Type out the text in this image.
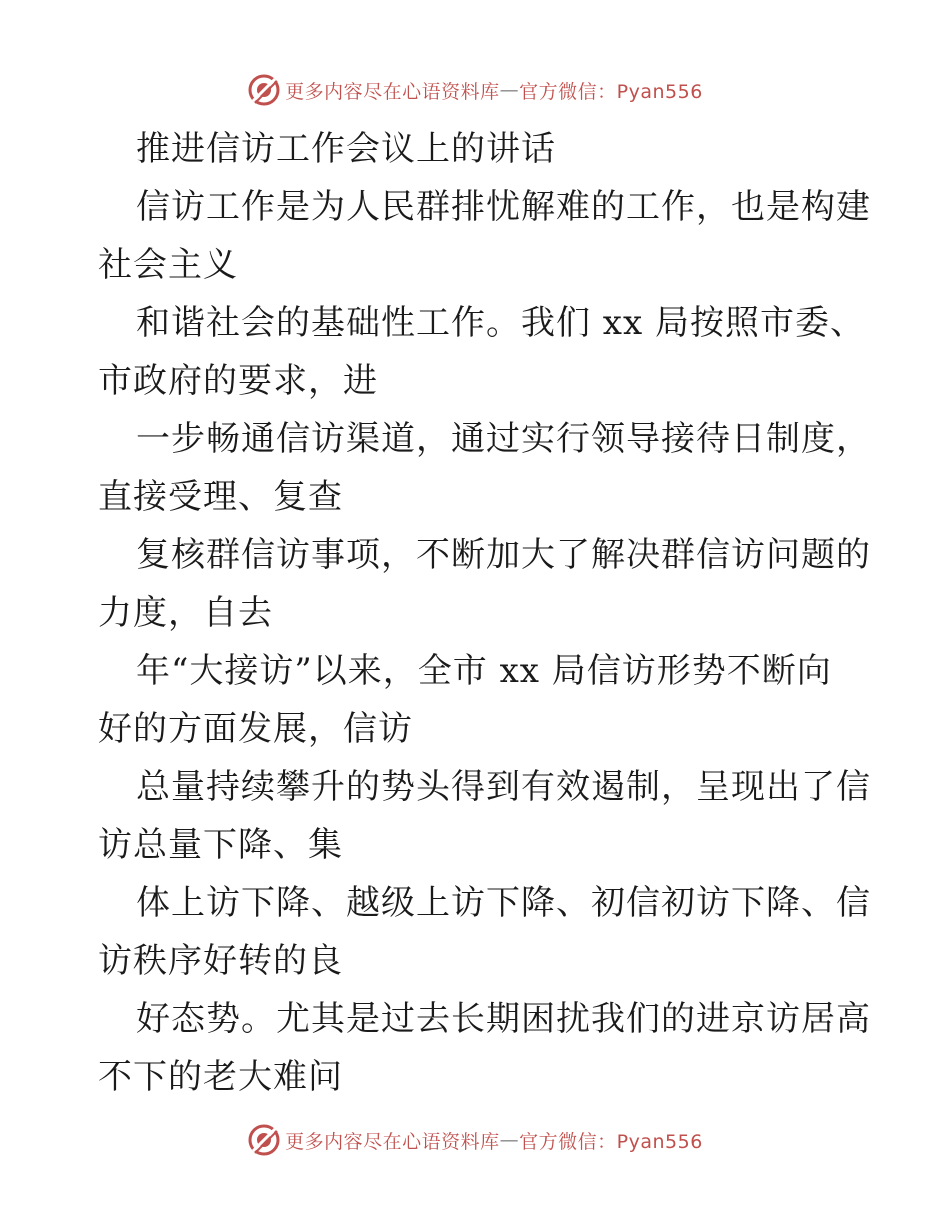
更多内容尽在心语资料库 — 官方微信：Pyan556
推进信访工作会议上的讲话
信访工作是为人民群排忧解难的工作，也是构建
社会主义
和谐社会的基础性工作。我们 xx 局按照市委、
市政府的要求，进
一步畅通信访渠道，通过实行领导接待日制度，
直接受理、复查
复核群信访事项，不断加大了解决群信访问题的
力度，自去
年“大接访”以来，全市 xx 局信访形势不断向
好的方面发展，信访
总量持续攀升的势头得到有效遏制，呈现出了信
访总量下降、集
体上访下降、越级上访下降、初信初访下降、信
访秩序好转的良
好态势。尤其是过去长期困扰我们的进京访居高
不下的老大难问
更多内容尽在心语资料库 — 官方微信：Pyan556
